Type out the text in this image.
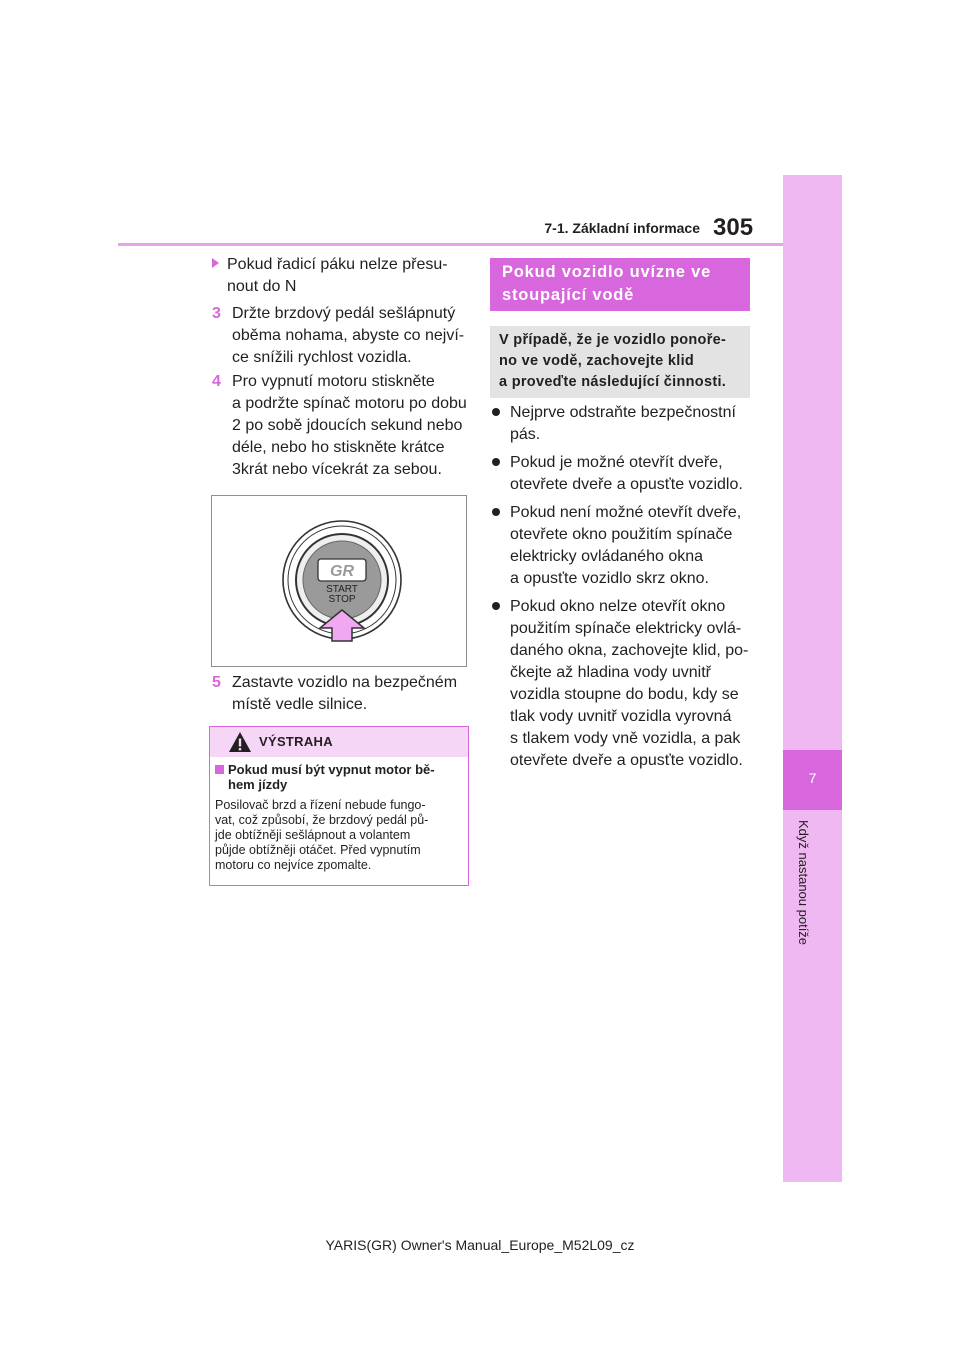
7-1. Základní informace 305
7
Když nastanou potíže
Pokud řadicí páku nelze přesu-
nout do N
3 Držte brzdový pedál sešlápnutý
oběma nohama, abyste co nejví-
ce snížili rychlost vozidla.
4 Pro vypnutí motoru stiskněte
a podržte spínač motoru po dobu
2 po sobě jdoucích sekund nebo
déle, nebo ho stiskněte krátce
3krát nebo vícekrát za sebou.
GR
START
STOP
5 Zastavte vozidlo na bezpečném
místě vedle silnice.
VÝSTRAHA
Pokud musí být vypnut motor bě-
hem jízdy
Posilovač brzd a řízení nebude fungo-
vat, což způsobí, že brzdový pedál pů-
jde obtížněji sešlápnout a volantem
půjde obtížněji otáčet. Před vypnutím
motoru co nejvíce zpomalte.
Pokud vozidlo uvízne ve
stoupající vodě
V případě, že je vozidlo ponoře-
no ve vodě, zachovejte klid
a proveďte následující činnosti.
Nejprve odstraňte bezpečnostní
pás.
Pokud je možné otevřít dveře,
otevřete dveře a opusťte vozidlo.
Pokud není možné otevřít dveře,
otevřete okno použitím spínače
elektricky ovládaného okna
a opusťte vozidlo skrz okno.
Pokud okno nelze otevřít okno
použitím spínače elektricky ovlá-
daného okna, zachovejte klid, po-
čkejte až hladina vody uvnitř
vozidla stoupne do bodu, kdy se
tlak vody uvnitř vozidla vyrovná
s tlakem vody vně vozidla, a pak
otevřete dveře a opusťte vozidlo.
YARIS(GR) Owner's Manual_Europe_M52L09_cz
